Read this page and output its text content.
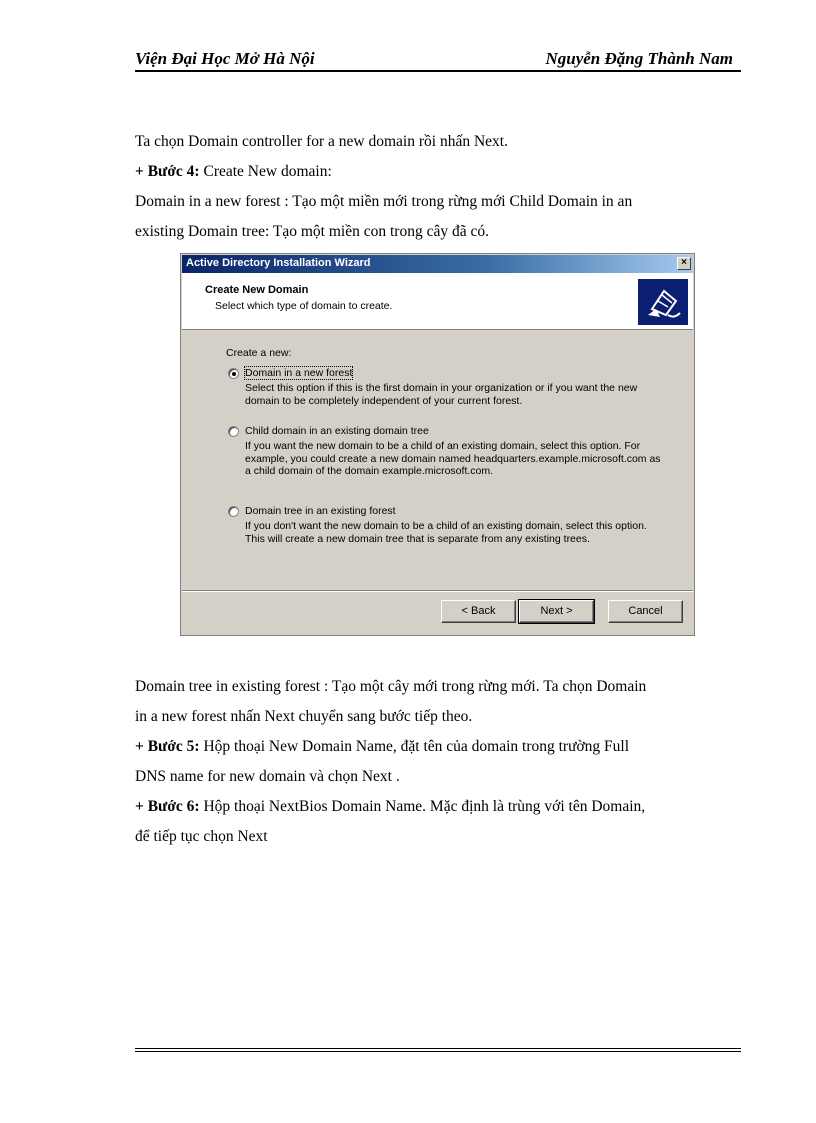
Viện Đại Học Mở Hà Nội	Nguyễn Đặng Thành Nam
Ta chọn Domain controller for a new domain rồi nhấn Next.
+ Bước 4: Create New domain:
Domain in a new forest : Tạo một miền mới trong rừng mới Child Domain in an
existing Domain tree: Tạo một miền con trong cây đã có.
Active Directory Installation Wizard	×
Create New Domain
Select which type of domain to create.
Create a new:
Domain in a new forest
Select this option if this is the first domain in your organization or if you want the new domain to be completely independent of your current forest.
Child domain in an existing domain tree
If you want the new domain to be a child of an existing domain, select this option. For example, you could create a new domain named headquarters.example.microsoft.com as a child domain of the domain example.microsoft.com.
Domain tree in an existing forest
If you don't want the new domain to be a child of an existing domain, select this option. This will create a new domain tree that is separate from any existing trees.
< Back	Next >	Cancel
Domain tree in existing forest : Tạo một cây mới trong rừng mới. Ta chọn Domain
in a new forest nhấn Next chuyển sang bước tiếp theo.
+ Bước 5: Hộp thoại New Domain Name, đặt tên của domain trong trường Full
DNS name for new domain và chọn Next .
+ Bước 6: Hộp thoại NextBios Domain Name. Mặc định là trùng với tên Domain,
để tiếp tục chọn Next
